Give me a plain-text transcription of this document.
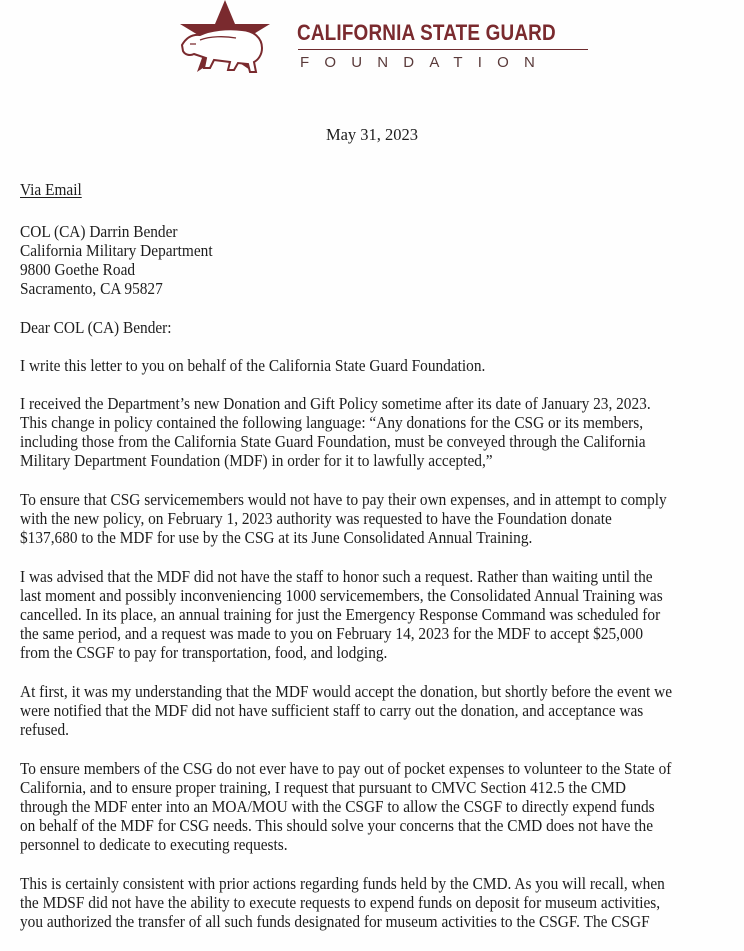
CALIFORNIA STATE GUARD
FOUNDATION
May 31, 2023
Via Email
COL (CA) Darrin Bender
California Military Department
9800 Goethe Road
Sacramento, CA 95827
Dear COL (CA) Bender:
I write this letter to you on behalf of the California State Guard Foundation.
I received the Department’s new Donation and Gift Policy sometime after its date of January 23, 2023.
This change in policy contained the following language: “Any donations for the CSG or its members,
including those from the California State Guard Foundation, must be conveyed through the California
Military Department Foundation (MDF) in order for it to lawfully accepted,”
To ensure that CSG servicemembers would not have to pay their own expenses, and in attempt to comply
with the new policy, on February 1, 2023 authority was requested to have the Foundation donate
$137,680 to the MDF for use by the CSG at its June Consolidated Annual Training.
I was advised that the MDF did not have the staff to honor such a request. Rather than waiting until the
last moment and possibly inconveniencing 1000 servicemembers, the Consolidated Annual Training was
cancelled. In its place, an annual training for just the Emergency Response Command was scheduled for
the same period, and a request was made to you on February 14, 2023 for the MDF to accept $25,000
from the CSGF to pay for transportation, food, and lodging.
At first, it was my understanding that the MDF would accept the donation, but shortly before the event we
were notified that the MDF did not have sufficient staff to carry out the donation, and acceptance was
refused.
To ensure members of the CSG do not ever have to pay out of pocket expenses to volunteer to the State of
California, and to ensure proper training, I request that pursuant to CMVC Section 412.5 the CMD
through the MDF enter into an MOA/MOU with the CSGF to allow the CSGF to directly expend funds
on behalf of the MDF for CSG needs. This should solve your concerns that the CMD does not have the
personnel to dedicate to executing requests.
This is certainly consistent with prior actions regarding funds held by the CMD. As you will recall, when
the MDSF did not have the ability to execute requests to expend funds on deposit for museum activities,
you authorized the transfer of all such funds designated for museum activities to the CSGF. The CSGF
